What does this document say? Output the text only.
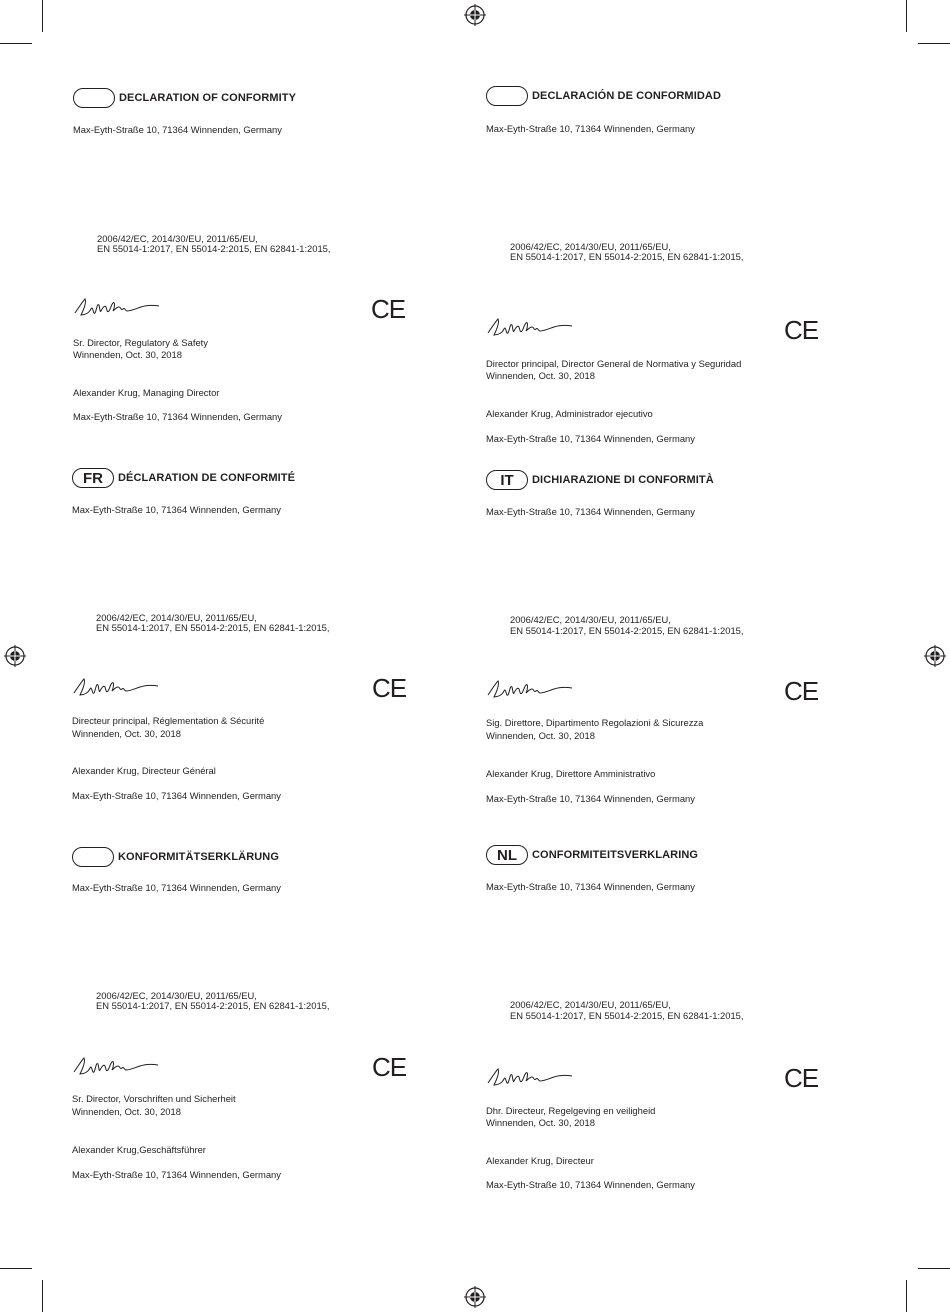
DECLARATION OF CONFORMITY
Max-Eyth-Straße 10, 71364 Winnenden, Germany
2006/42/EC, 2014/30/EU, 2011/65/EU,
EN 55014-1:2017, EN 55014-2:2015, EN 62841-1:2015,
CE
Sr. Director, Regulatory & Safety
Winnenden, Oct. 30, 2018
Alexander Krug, Managing Director
Max-Eyth-Straße 10, 71364 Winnenden, Germany
DECLARACIÓN DE CONFORMIDAD
Max-Eyth-Straße 10, 71364 Winnenden, Germany
2006/42/EC, 2014/30/EU, 2011/65/EU,
EN 55014-1:2017, EN 55014-2:2015, EN 62841-1:2015,
CE
Director principal, Director General de Normativa y Seguridad
Winnenden, Oct. 30, 2018
Alexander Krug, Administrador ejecutivo
Max-Eyth-Straße 10, 71364 Winnenden, Germany
FR	DÉCLARATION DE CONFORMITÉ
Max-Eyth-Straße 10, 71364 Winnenden, Germany
2006/42/EC, 2014/30/EU, 2011/65/EU,
EN 55014-1:2017, EN 55014-2:2015, EN 62841-1:2015,
CE
Directeur principal, Réglementation & Sécurité
Winnenden, Oct. 30, 2018
Alexander Krug, Directeur Général
Max-Eyth-Straße 10, 71364 Winnenden, Germany
IT	DICHIARAZIONE DI CONFORMITÀ
Max-Eyth-Straße 10, 71364 Winnenden, Germany
2006/42/EC, 2014/30/EU, 2011/65/EU,
EN 55014-1:2017, EN 55014-2:2015, EN 62841-1:2015,
CE
Sig. Direttore, Dipartimento Regolazioni & Sicurezza
Winnenden, Oct. 30, 2018
Alexander Krug, Direttore Amministrativo
Max-Eyth-Straße 10, 71364 Winnenden, Germany
KONFORMITÄTSERKLÄRUNG
Max-Eyth-Straße 10, 71364 Winnenden, Germany
2006/42/EC, 2014/30/EU, 2011/65/EU,
EN 55014-1:2017, EN 55014-2:2015, EN 62841-1:2015,
CE
Sr. Director, Vorschriften und Sicherheit
Winnenden, Oct. 30, 2018
Alexander Krug,Geschäftsführer
Max-Eyth-Straße 10, 71364 Winnenden, Germany
NL	CONFORMITEITSVERKLARING
Max-Eyth-Straße 10, 71364 Winnenden, Germany
2006/42/EC, 2014/30/EU, 2011/65/EU,
EN 55014-1:2017, EN 55014-2:2015, EN 62841-1:2015,
CE
Dhr. Directeur, Regelgeving en veiligheid
Winnenden, Oct. 30, 2018
Alexander Krug, Directeur
Max-Eyth-Straße 10, 71364 Winnenden, Germany
